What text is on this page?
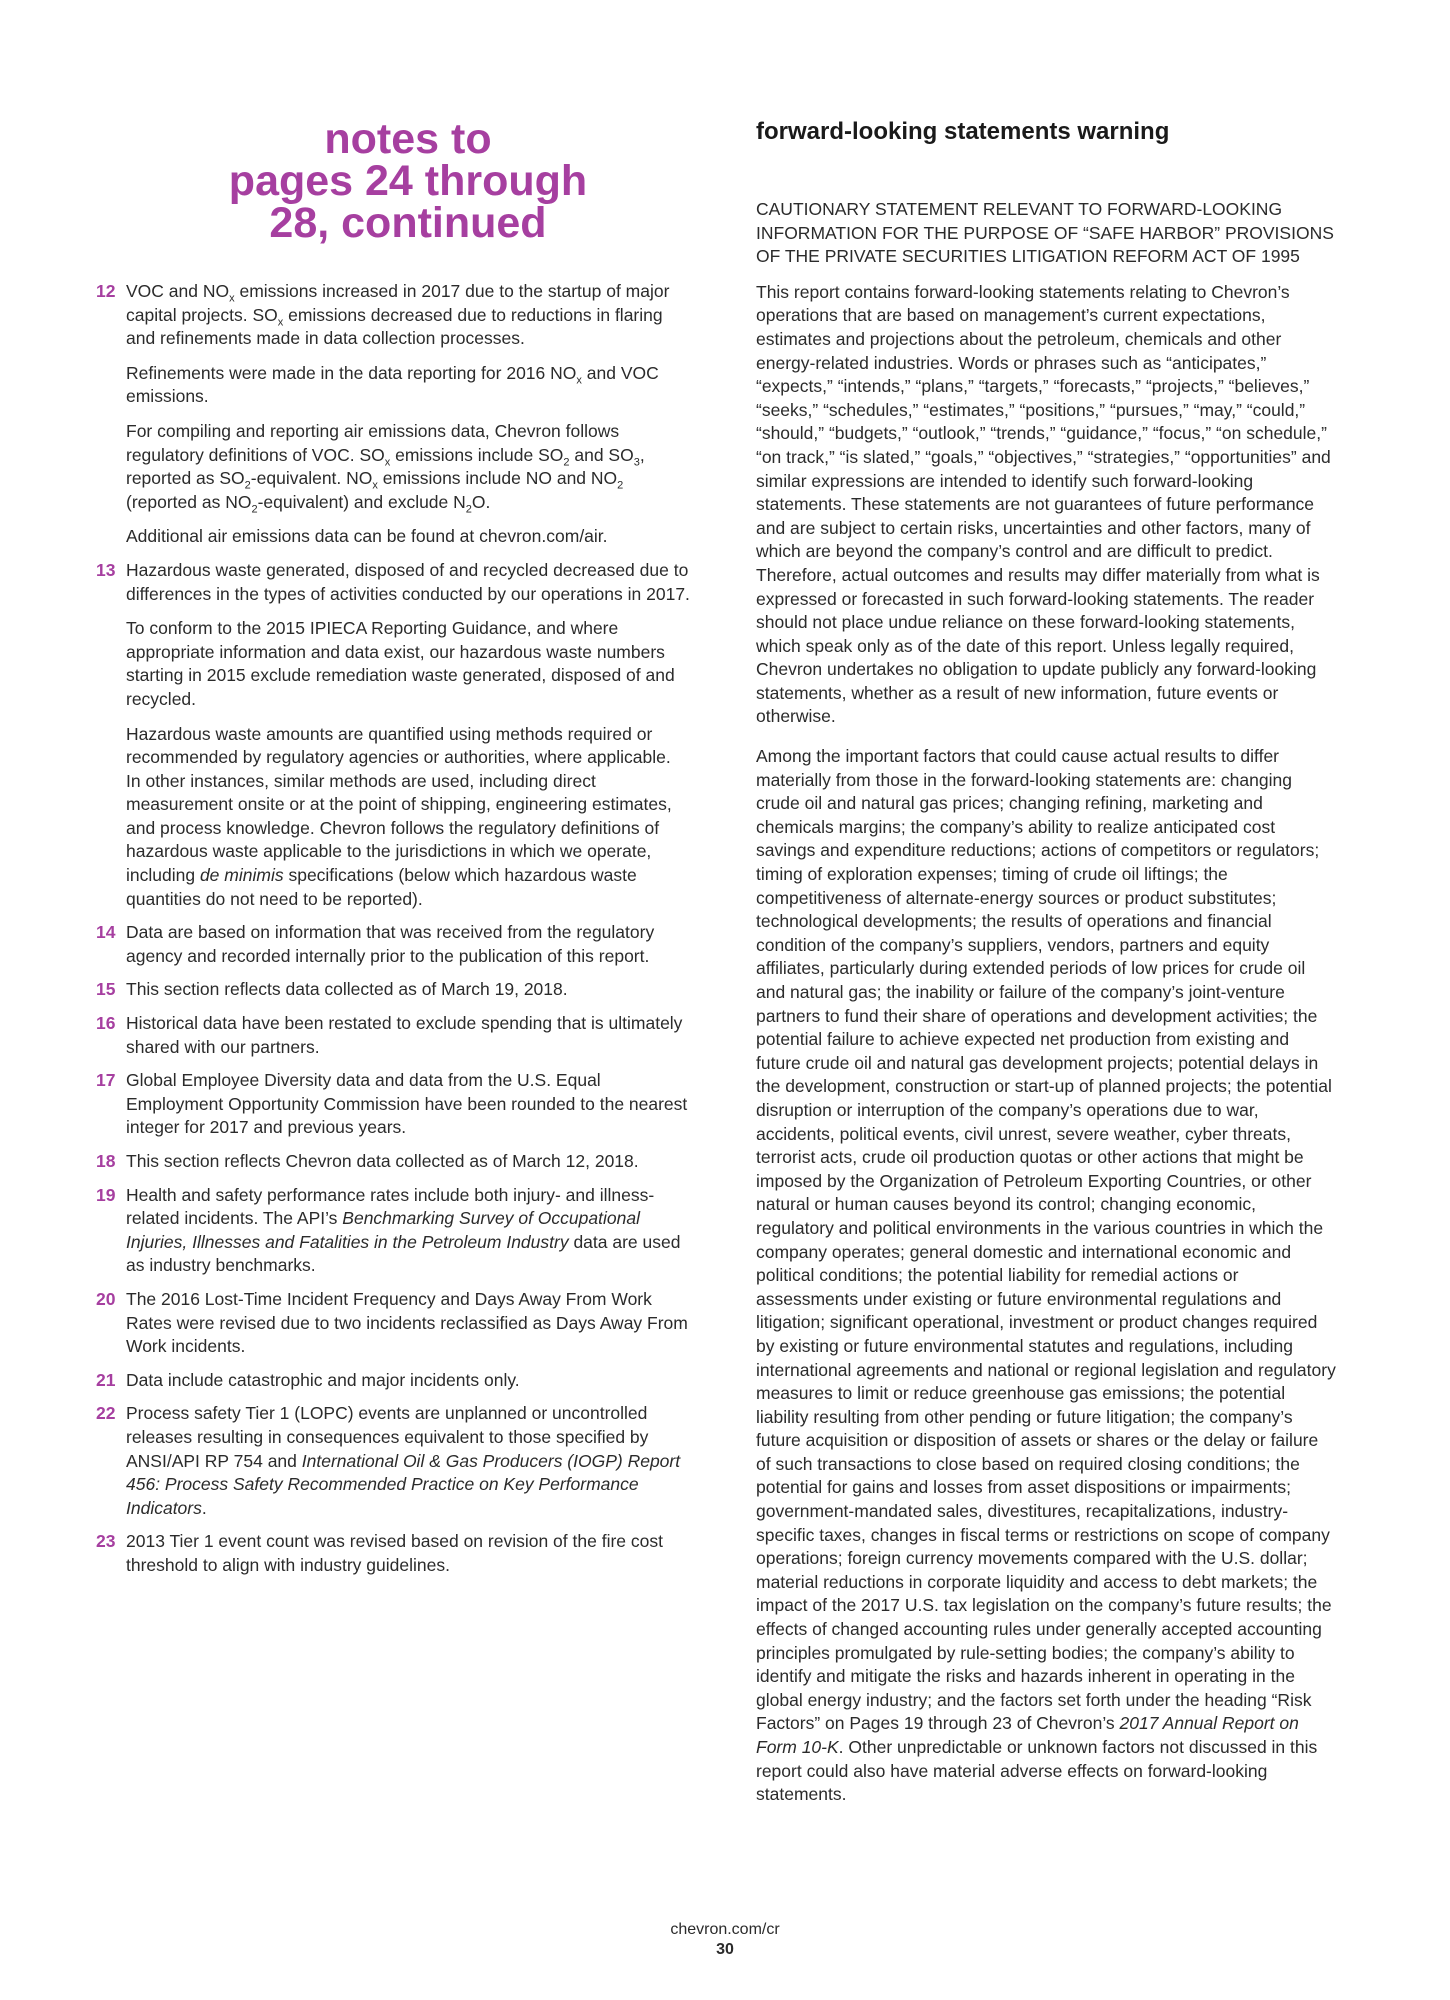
notes to
pages 24 through
28, continued
12 VOC and $NO_x$ emissions increased in 2017 due to the startup of major capital projects. $SO_x$ emissions decreased due to reductions in flaring and refinements made in data collection processes.

Refinements were made in the data reporting for 2016 $NO_x$ and VOC emissions.

For compiling and reporting air emissions data, Chevron follows regulatory definitions of VOC. $SO_x$ emissions include $SO_2$ and $SO_3$, reported as $SO_2$-equivalent. $NO_x$ emissions include NO and $NO_2$ (reported as $NO_2-equivalent$) and exclude $N_2O$.

Additional air emissions data can be found at chevron.com/air.

13 Hazardous waste generated, disposed of and recycled decreased due to differences in the types of activities conducted by our operations in 2017.

To conform to the 2015 IPIECA Reporting Guidance, and where appropriate information and data exist, our hazardous waste numbers starting in 2015 exclude remediation waste generated, disposed of and recycled.

Hazardous waste amounts are quantified using methods required or recommended by regulatory agencies or authorities, where applicable. In other instances, similar methods are used, including direct measurement onsite or at the point of shipping, engineering estimates, and process knowledge. Chevron follows the regulatory definitions of hazardous waste applicable to the jurisdictions in which we operate, including de minimis specifications (below which hazardous waste quantities do not need to be reported).

14 Data are based on information that was received from the regulatory agency and recorded internally prior to the publication of this report.

15 This section reflects data collected as of March 19, 2018.

16 Historical data have been restated to exclude spending that is ultimately shared with our partners.

17 Global Employee Diversity data and data from the U.S. Equal Employment Opportunity Commission have been rounded to the nearest integer for 2017 and previous years.

18 This section reflects Chevron data collected as of March 12, 2018.

19 Health and safety performance rates include both injury- and illness-related incidents. The API’s Benchmarking Survey of Occupational Injuries, Illnesses and Fatalities in the Petroleum Industry data are used as industry benchmarks.

20 The 2016 Lost-Time Incident Frequency and Days Away From Work Rates were revised due to two incidents reclassified as Days Away From Work incidents.

21 Data include catastrophic and major incidents only.

22 Process safety Tier 1 (LOPC) events are unplanned or uncontrolled releases resulting in consequences equivalent to those specified by ANSI/API RP 754 and International Oil & Gas Producers (IOGP) Report 456: Process Safety Recommended Practice on Key Performance Indicators.

23 2013 Tier 1 event count was revised based on revision of the fire cost threshold to align with industry guidelines.

forward-looking statements warning

CAUTIONARY STATEMENT RELEVANT TO FORWARD-LOOKING INFORMATION FOR THE PURPOSE OF “SAFE HARBOR” PROVISIONS OF THE PRIVATE SECURITIES LITIGATION REFORM ACT OF 1995

This report contains forward-looking statements relating to Chevron’s operations that are based on management’s current expectations, estimates and projections about the petroleum, chemicals and other energy-related industries. Words or phrases such as “anticipates,” “expects,” “intends,” “plans,” “targets,” “forecasts,” “projects,” “believes,” “seeks,” “schedules,” “estimates,” “positions,” “pursues,” “may,” “could,” “should,” “budgets,” “outlook,” “trends,” “guidance,” “focus,” “on schedule,” “on track,” “is slated,” “goals,” “objectives,” “strategies,” “opportunities” and similar expressions are intended to identify such forward-looking statements. These statements are not guarantees of future performance and are subject to certain risks, uncertainties and other factors, many of which are beyond the company’s control and are difficult to predict. Therefore, actual outcomes and results may differ materially from what is expressed or forecasted in such forward-looking statements. The reader should not place undue reliance on these forward-looking statements, which speak only as of the date of this report. Unless legally required, Chevron undertakes no obligation to update publicly any forward-looking statements, whether as a result of new information, future events or otherwise.

Among the important factors that could cause actual results to differ materially from those in the forward-looking statements are: changing crude oil and natural gas prices; changing refining, marketing and chemicals margins; the company’s ability to realize anticipated cost savings and expenditure reductions; actions of competitors or regulators; timing of exploration expenses; timing of crude oil liftings; the competitiveness of alternate-energy sources or product substitutes; technological developments; the results of operations and financial condition of the company’s suppliers, vendors, partners and equity affiliates, particularly during extended periods of low prices for crude oil and natural gas; the inability or failure of the company’s joint-venture partners to fund their share of operations and development activities; the potential failure to achieve expected net production from existing and future crude oil and natural gas development projects; potential delays in the development, construction or start-up of planned projects; the potential disruption or interruption of the company’s operations due to war, accidents, political events, civil unrest, severe weather, cyber threats, terrorist acts, crude oil production quotas or other actions that might be imposed by the Organization of Petroleum Exporting Countries, or other natural or human causes beyond its control; changing economic, regulatory and political environments in the various countries in which the company operates; general domestic and international economic and political conditions; the potential liability for remedial actions or assessments under existing or future environmental regulations and litigation; significant operational, investment or product changes required by existing or future environmental statutes and regulations, including international agreements and national or regional legislation and regulatory measures to limit or reduce greenhouse gas emissions; the potential liability resulting from other pending or future litigation; the company’s future acquisition or disposition of assets or shares or the delay or failure of such transactions to close based on required closing conditions; the potential for gains and losses from asset dispositions or impairments; government-mandated sales, divestitures, recapitalizations, industry-specific taxes, changes in fiscal terms or restrictions on scope of company operations; foreign currency movements compared with the U.S. dollar; material reductions in corporate liquidity and access to debt markets; the impact of the 2017 U.S. tax legislation on the company’s future results; the effects of changed accounting rules under generally accepted accounting principles promulgated by rule-setting bodies; the company’s ability to identify and mitigate the risks and hazards inherent in operating in the global energy industry; and the factors set forth under the heading “Risk Factors” on Pages 19 through 23 of Chevron’s 2017 Annual Report on Form 10-K. Other unpredictable or unknown factors not discussed in this report could also have material adverse effects on forward-looking statements.

chevron.com/cr
30
